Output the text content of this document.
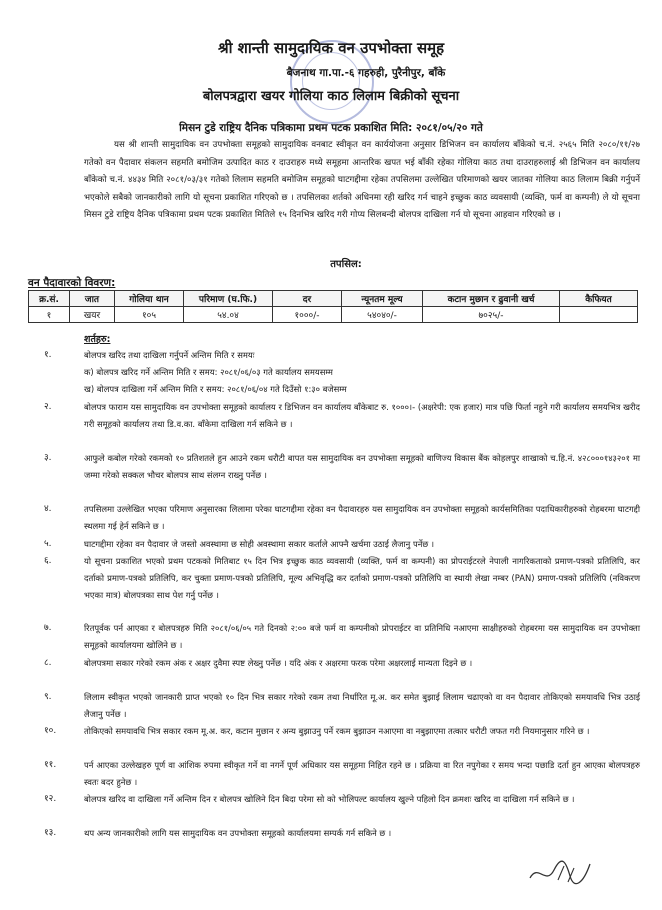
श्री शान्ती सामुदायिक वन उपभोक्ता समूह
बैजनाथ गा.पा.-६ गहरुही, पुरैनीपुर, बाँके
बोलपत्रद्वारा खयर गोलिया काठ लिलाम बिक्रीको सूचना
मिसन टुडे राष्ट्रिय दैनिक पत्रिकामा प्रथम पटक प्रकाशित मिति: २०८१/०५/२० गते
यस श्री शान्ती सामुदायिक वन उपभोक्ता समूहको सामुदायिक वनबाट स्वीकृत वन कार्ययोजना अनुसार डिभिजन वन कार्यालय बाँकेको च.नं. २५६५ मिति २०८०/११/२७ गतेको वन पैदावार संकलन सहमति बमोजिम उत्पादित काठ र दाउराहरु मध्ये समूहमा आन्तरिक खपत भई बाँकी रहेका गोलिया काठ तथा दाउराहरुलाई श्री डिभिजन वन कार्यालय बाँकेको च.नं. ४४३४ मिति २०८१/०३/३१ गतेको लिलाम सहमति बमोजिम समूहको घाटगद्दीमा रहेका तपसिलमा उल्लेखित परिमाणको खयर जातका गोलिया काठ लिलाम बिक्री गर्नुपर्ने भएकोले सबैको जानकारीको लागि यो सूचना प्रकाशित गरिएको छ । तपसिलका शर्तको अधिनमा रही खरिद गर्न चाहने इच्छुक काठ व्यवसायी (व्यक्ति, फर्म वा कम्पनी) ले यो सूचना मिसन टुडे राष्ट्रिय दैनिक पत्रिकामा प्रथम पटक प्रकाशित मितिले १५ दिनभित्र खरिद गरी गोप्य सिलबन्दी बोलपत्र दाखिला गर्न यो सूचना आहवान गरिएको छ ।
तपसिल:
वन पैदावारको विवरण:
क्र.सं.	जात	गोलिया थान	परिमाण (घ.फि.)	दर	न्यूनतम मूल्य	कटान मुछान र ढुवानी खर्च	कैफियत
१	खयर	१०५	५४.०४	१०००/-	५४०४०/-	७०२५/-	
शर्तहरु:
१.	बोलपत्र खरिद तथा दाखिला गर्नुपर्ने अन्तिम मिति र समयः
क) बोलपत्र खरिद गर्ने अन्तिम मिति र समय: २०८१/०६/०३ गते कार्यालय समयसम्म
ख) बोलपत्र दाखिला गर्ने अन्तिम मिति र समय: २०८१/०६/०४ गते दिउँसो १:३० बजेसम्म
२.	बोलपत्र फाराम यस सामुदायिक वन उपभोक्ता समूहको कार्यालय र डिभिजन वन कार्यालय बाँकेबाट रु. १०००।- (अक्षरेपी: एक हजार) मात्र पछि फिर्ता नहुने गरी कार्यालय समयभित्र खरीद गरी समूहको कार्यालय तथा डि.व.का. बाँकेमा दाखिला गर्न सकिने छ ।
३.	आफुले कबोल गरेको रकमको १० प्रतिशतले हुन आउने रकम धरौटी बापत यस सामुदायिक वन उपभोक्ता समूहको बाणिज्य विकास बैंक कोहलपुर शाखाको च.हि.नं. ४२८०००१४३२०१ मा जम्मा गरेको सक्कल भौचर बोलपत्र साथ संलग्न राख्नु पर्नेछ ।
४.	तपसिलमा उल्लेखित भएका परिमाण अनुसारका लिलामा परेका घाटगद्दीमा रहेका वन पैदावारहरु यस सामुदायिक वन उपभोक्ता समूहको कार्यसमितिका पदाधिकारीहरुको रोहबरमा घाटगद्दी स्थलमा गई हेर्न सकिने छ ।
५.	घाटगद्दीमा रहेका वन पैदावार जे जस्तो अवस्थामा छ सोही अवस्थामा सकार कर्ताले आफ्नै खर्चमा उठाई लैजानु पर्नेछ ।
६.	यो सूचना प्रकाशित भएको प्रथम पटकको मितिबाट १५ दिन भित्र इच्छुक काठ व्यवसायी (व्यक्ति, फर्म वा कम्पनी) का प्रोपराईटरले नेपाली नागरिकताको प्रमाण-पत्रको प्रतिलिपि, कर दर्ताको प्रमाण-पत्रको प्रतिलिपि, कर चुक्ता प्रमाण-पत्रको प्रतिलिपि, मूल्य अभिवृद्धि कर दर्ताको प्रमाण-पत्रको प्रतिलिपि वा स्थायी लेखा नम्बर (PAN) प्रमाण-पत्रको प्रतिलिपि (नविकरण भएका मात्र) बोलपत्रका साथ पेश गर्नु पर्नेछ ।
७.	रितपूर्वक पर्न आएका र बोलपत्रहरु मिति २०८१/०६/०५ गते दिनको २:०० बजे फर्म वा कम्पनीको प्रोपराईटर वा प्रतिनिधि नआएमा साक्षीहरुको रोहबरमा यस सामुदायिक वन उपभोक्ता समूहको कार्यालयमा खोलिने छ ।
८.	बोलपत्रमा सकार गरेको रकम अंक र अक्षर दुवैमा स्पष्ट लेख्नु पर्नेछ । यदि अंक र अक्षरमा फरक परेमा अक्षरलाई मान्यता दिइने छ ।
९.	लिलाम स्वीकृत भएको जानकारी प्राप्त भएको १० दिन भित्र सकार गरेको रकम तथा निर्धारित मू.अ. कर समेत बुझाई लिलाम चढाएको वा वन पैदावार तोकिएको समयावधि भित्र उठाई लैजानु पर्नेछ ।
१०.	तोकिएको समयावधि भित्र सकार रकम मू.अ. कर, कटान मुछान र अन्य बुझाउनु पर्ने रकम बुझाउन नआएमा वा नबुझाएमा तत्कार धरौटी जफत गरी नियमानुसार गरिने छ ।
११.	पर्न आएका उल्लेखहरु पूर्ण वा आंशिक रुपमा स्वीकृत गर्ने वा नगर्ने पूर्ण अधिकार यस समूहमा निहित रहने छ । प्रक्रिया वा रित नपुगेका र समय भन्दा पछाडि दर्ता हुन आएका बोलपत्रहरु स्वतः बदर हुनेछ ।
१२.	बोलपत्र खरिद वा दाखिला गर्ने अन्तिम दिन र बोलपत्र खोलिने दिन बिदा परेमा सो को भोलिपल्ट कार्यालय खुल्ने पहिलो दिन क्रमशः खरिद वा दाखिला गर्न सकिने छ ।
१३.	थप अन्य जानकारीको लागि यस सामुदायिक वन उपभोक्ता समूहको कार्यालयमा सम्पर्क गर्न सकिने छ ।
